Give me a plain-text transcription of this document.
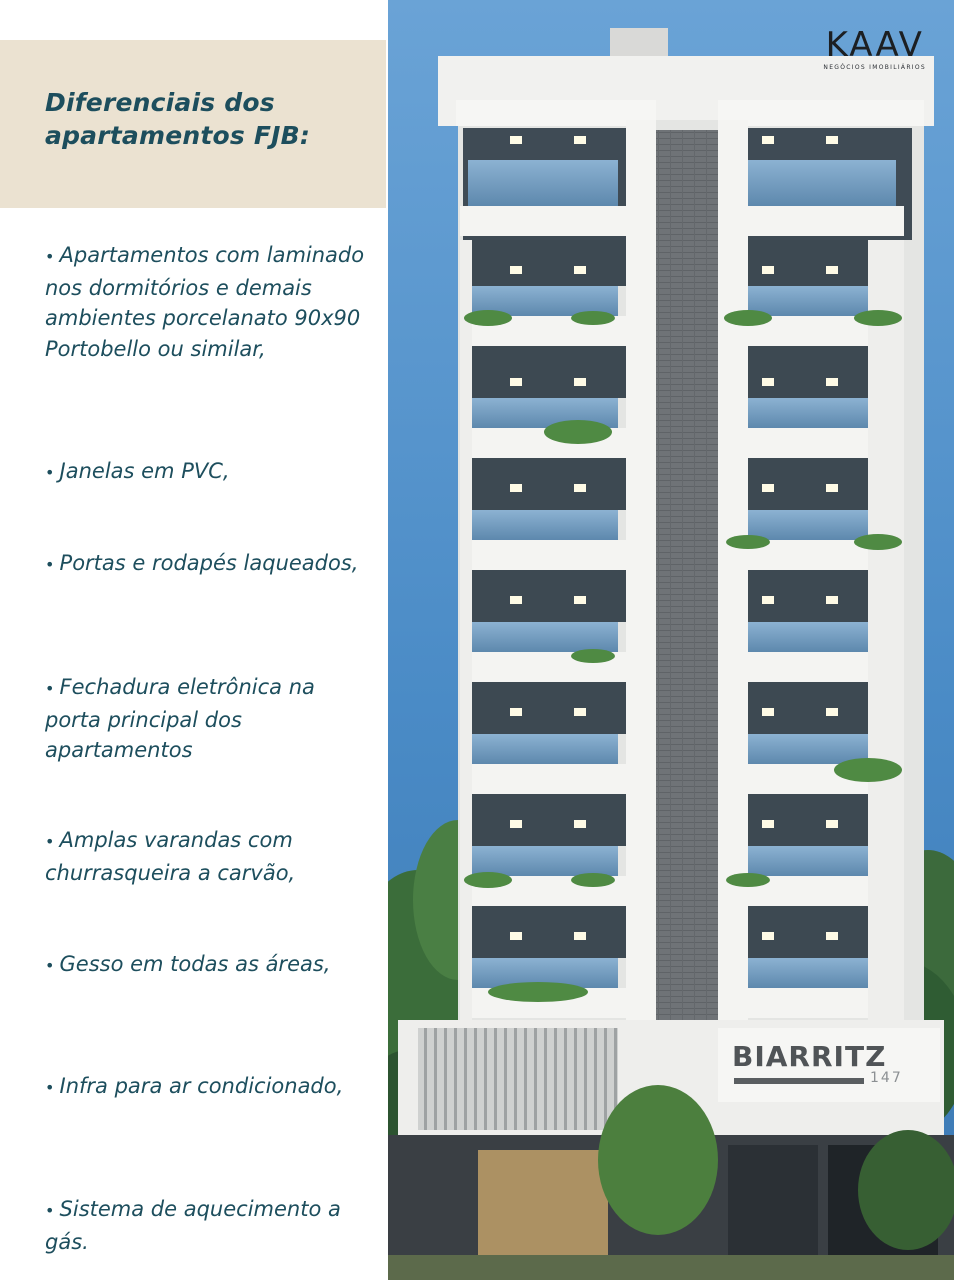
Diferenciais dos
apartamentos FJB:

• Apartamentos com laminado nos dormitórios e demais ambientes porcelanato 90x90 Portobello ou similar,

• Janelas em PVC,

• Portas e rodapés laqueados,

• Fechadura eletrônica na porta principal dos apartamentos

• Amplas varandas com churrasqueira a carvão,

• Gesso em todas as áreas,

• Infra para ar condicionado,

• Sistema de aquecimento a gás.

KAAV
NEGÓCIOS IMOBILIÁRIOS
BIARRITZ
147
